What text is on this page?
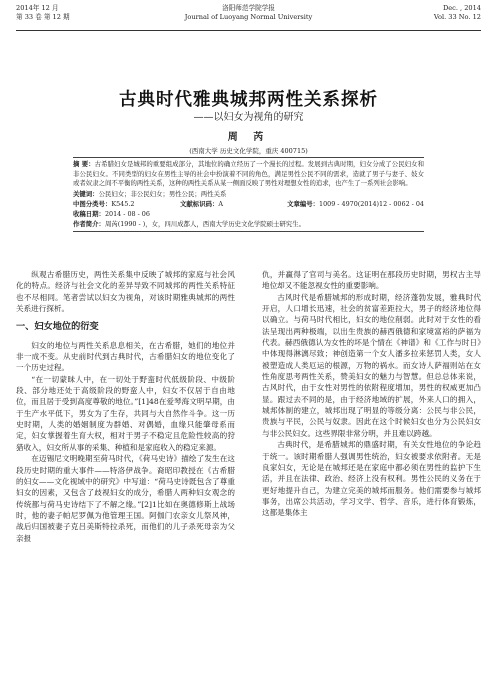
2014年 12 月
第 33 卷 第 12 期
洛阳师范学院学报
Journal of Luoyang Normal University
Dec. , 2014
Vol. 33 No. 12
古典时代雅典城邦两性关系探析
——以妇女为视角的研究
周 芮
(西南大学 历史文化学院，重庆 400715)

摘 要：古希腊妇女是城邦的重要组成部分，其地位的确立经历了一个漫长的过程。发展到古典时期，妇女分成了公民妇女和非公民妇女。不同类型的妇女在男性主导的社会中扮演着不同的角色，满足男性公民不同的需求，造就了男子与妻子、妓女或者奴隶之间不平衡的两性关系，这种的两性关系从某一侧面反映了男性对理想女性的追求，也产生了一系列社会影响。

关键词：公民妇女；非公民妇女；男性公民；两性关系
中图分类号：K545.2	文献标识码：A	文章编号：1009 - 4970(2014)12 - 0062 - 04
收稿日期：2014 - 08 - 06
作者简介：周芮(1990 - )，女，四川成都人，西南大学历史文化学院硕士研究生。

纵观古希腊历史，两性关系集中反映了城邦的家庭与社会风化的特点。经济与社会文化的差异导致不同城邦的两性关系特征也不尽相同。笔者尝试以妇女为视角，对该时期雅典城邦的两性关系进行探析。

一、妇女地位的衍变

妇女的地位与两性关系息息相关，在古希腊，她们的地位并非一成不变。从史前时代到古典时代，古希腊妇女的地位变化了一个历史过程。

“在一切蒙昧人中，在一切处于野蛮时代低级阶段、中级阶段、部分地还处于高级阶段的野蛮人中，妇女不仅居于自由地位，而且居于受到高度尊敬的地位。”[1]48在爱琴海文明早期，由于生产水平低下，男女为了生存，共同与大自然作斗争。这一历史时期，人类的婚姻制度为群婚、对偶婚，血缘只能肇母系而定，妇女掌握着生育大权，相对于男子不稳定且危险性较高的狩猎收入，妇女所从事的采集、种植和是家庭收入的稳定来源。

在迈锡尼文明晚期至荷马时代，《荷马史诗》描绘了发生在这段历史时期的重大事件——特洛伊战争。裔昭印教授在《古希腊的妇女——文化视域中的研究》中写道：“荷马史诗既包含了尊重妇女的因素，又包含了歧视妇女的成分，希腊人两种妇女观念的传统都与荷马史诗结下了不解之缘。”[2]1比如在奥德修斯上战场时，他的妻子帕尼罗佩为他管理王国。阿伽门农亲女儿祭风神，战后归国被妻子克吕美斯特拉杀死，而他们的儿子杀死母亲为父亲报

仇，并赢得了官司与美名。这证明在那段历史时期，男权古主导地位却又不能忽视女性的重要影响。

古风时代是希腊城邦的形成时期，经济蓬勃发展，雅典时代开启，人口增长迅速，社会的贫富差距拉大，男子的经济地位得以确立。与荷马时代相比，妇女的地位削弱。此时对于女性的看法呈现出两种极端，以出生贵族的赫西俄德和家境富裕的萨福为代表。赫西俄德认为女性的坏是个情在《神谱》和《工作与时日》中体现得淋漓尽致；神创造第一个女人潘多拉来惩罚人类，女人被塑造成人类厄运的根源，万物的祸水。而女诗人萨福则站在女性角度思考两性关系，赞美妇女的魅力与智慧。但总总体来说，古风时代，由于女性对男性的依附程度增加，男性的权威更加凸显。跟过去不同的是，由于经济地域的扩展，外来人口的拥入，城邦体制的建立，城邦出现了明显的等级分离：公民与非公民，贵族与平民，公民与奴隶。因此在这个时候妇女也分为公民妇女与非公民妇女。这些界限非常分明，并且难以跨越。

古典时代，是希腊城邦的鼎盛时期，有关女性地位的争论趋于统一。该时期希腊人强调男性统治，妇女被要求依附者。无是良家妇女，无论是在城邦还是在家庭中都必须在男性的监护下生活，并且在法律、政治、经济上没有权利。男性公民的义务在于更好地提升自己，为建立完美的城邦而服务。他们需要参与城邦事务，出席公共活动，学习文学、哲学、音乐，进行体育锻炼，这都是集体主
